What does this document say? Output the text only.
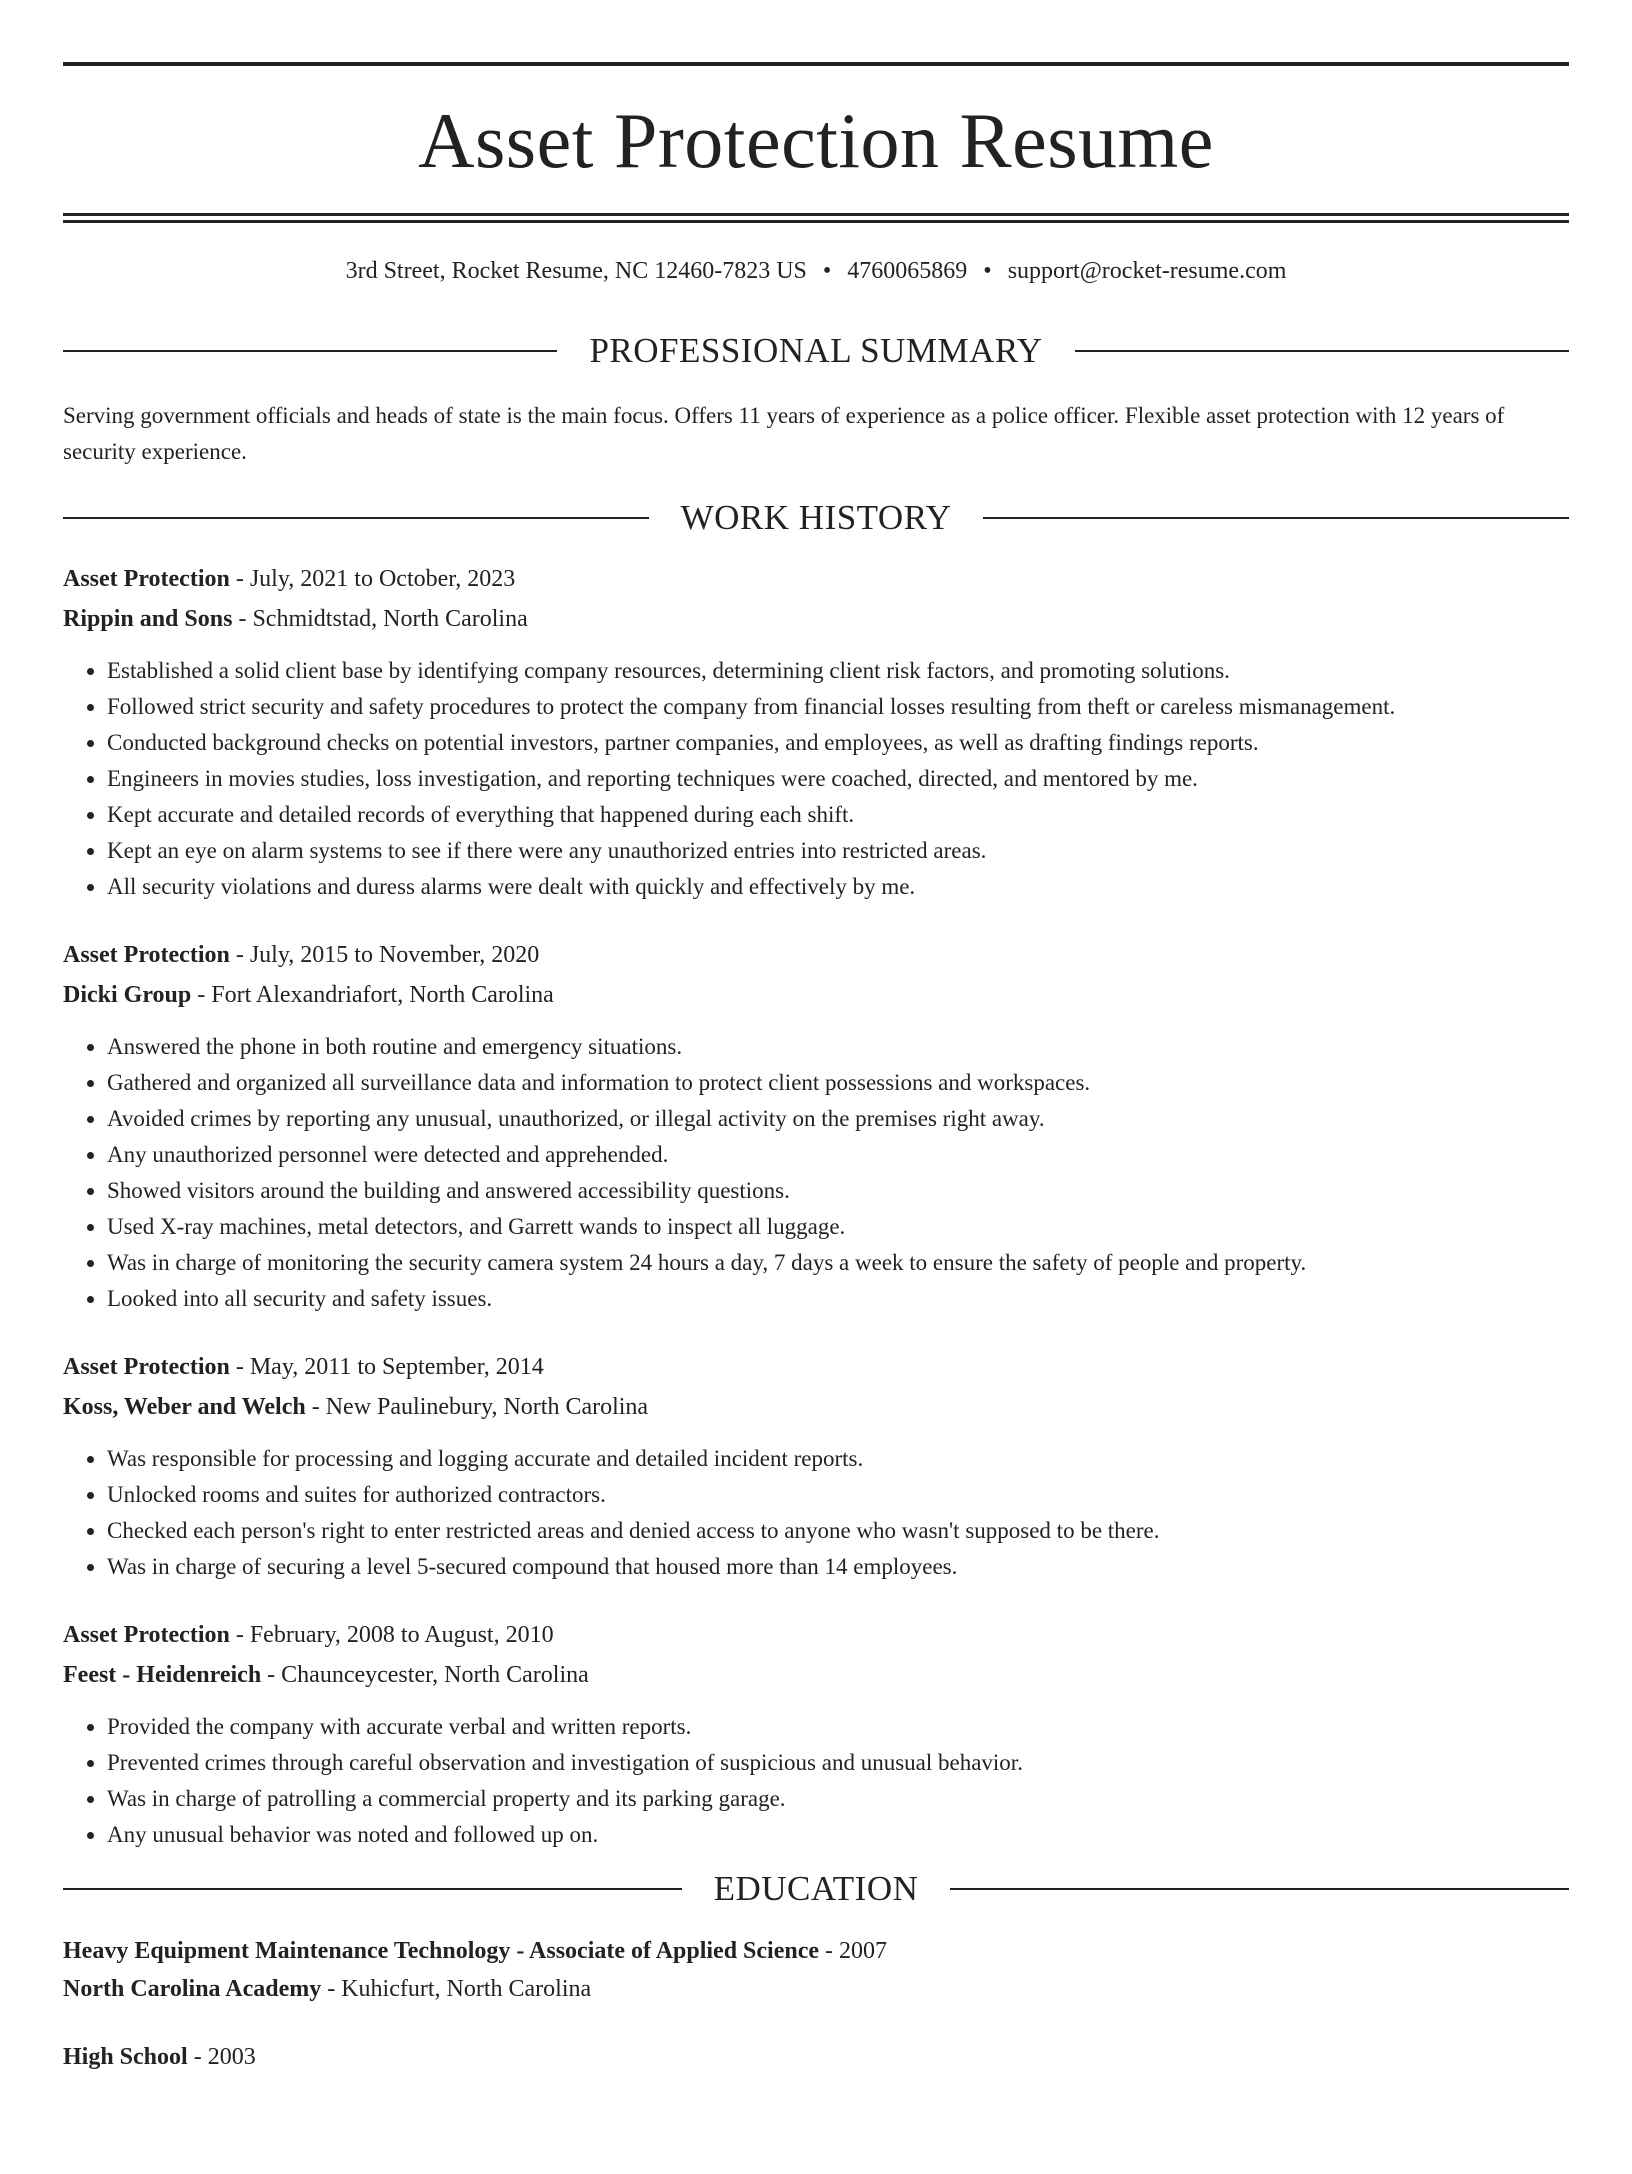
Asset Protection Resume
3rd Street, Rocket Resume, NC 12460-7823 US • 4760065869 • support@rocket-resume.com
PROFESSIONAL SUMMARY

Serving government officials and heads of state is the main focus. Offers 11 years of experience as a police officer. Flexible asset protection with 12 years of security experience.

WORK HISTORY
Asset Protection - July, 2021 to October, 2023
Rippin and Sons - Schmidtstad, North Carolina
• Established a solid client base by identifying company resources, determining client risk factors, and promoting solutions.
• Followed strict security and safety procedures to protect the company from financial losses resulting from theft or careless mismanagement.
• Conducted background checks on potential investors, partner companies, and employees, as well as drafting findings reports.
• Engineers in movies studies, loss investigation, and reporting techniques were coached, directed, and mentored by me.
• Kept accurate and detailed records of everything that happened during each shift.
• Kept an eye on alarm systems to see if there were any unauthorized entries into restricted areas.
• All security violations and duress alarms were dealt with quickly and effectively by me.
Asset Protection - July, 2015 to November, 2020
Dicki Group - Fort Alexandriafort, North Carolina
• Answered the phone in both routine and emergency situations.
• Gathered and organized all surveillance data and information to protect client possessions and workspaces.
• Avoided crimes by reporting any unusual, unauthorized, or illegal activity on the premises right away.
• Any unauthorized personnel were detected and apprehended.
• Showed visitors around the building and answered accessibility questions.
• Used X-ray machines, metal detectors, and Garrett wands to inspect all luggage.
• Was in charge of monitoring the security camera system 24 hours a day, 7 days a week to ensure the safety of people and property.
• Looked into all security and safety issues.
Asset Protection - May, 2011 to September, 2014
Koss, Weber and Welch - New Paulinebury, North Carolina
• Was responsible for processing and logging accurate and detailed incident reports.
• Unlocked rooms and suites for authorized contractors.
• Checked each person's right to enter restricted areas and denied access to anyone who wasn't supposed to be there.
• Was in charge of securing a level 5-secured compound that housed more than 14 employees.
Asset Protection - February, 2008 to August, 2010
Feest - Heidenreich - Chaunceycester, North Carolina
• Provided the company with accurate verbal and written reports.
• Prevented crimes through careful observation and investigation of suspicious and unusual behavior.
• Was in charge of patrolling a commercial property and its parking garage.
• Any unusual behavior was noted and followed up on.
EDUCATION
Heavy Equipment Maintenance Technology - Associate of Applied Science - 2007
North Carolina Academy - Kuhicfurt, North Carolina
High School - 2003
